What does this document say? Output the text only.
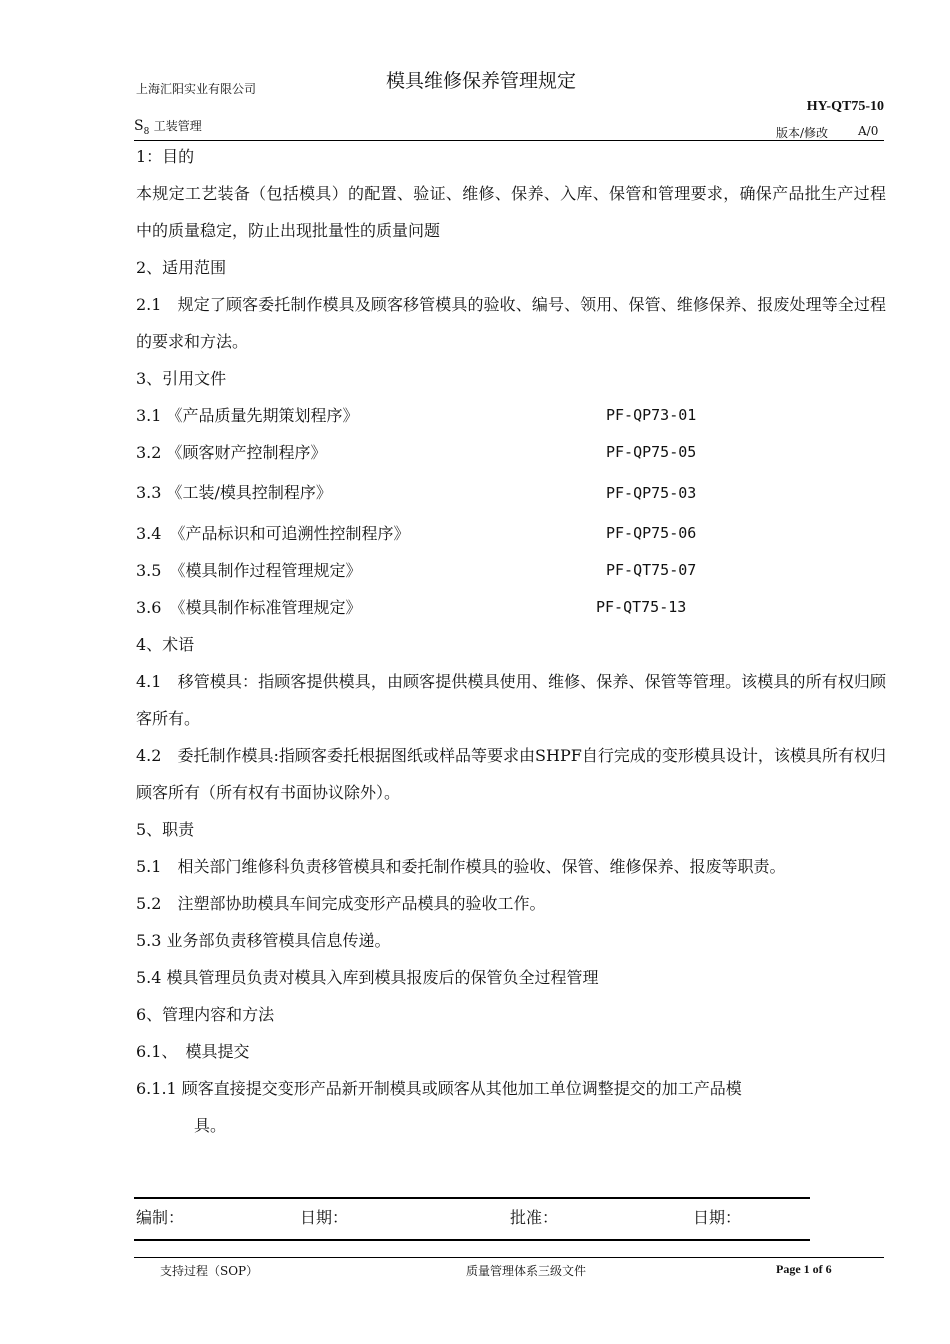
上海汇阳实业有限公司	模具维修保养管理规定
HY-QT75-10
$S_8$ 工装管理	版本/修改 A/0

1：目的

本规定工艺装备（包括模具）的配置、验证、维修、保养、入库、保管和管理要求，确保产品批生产过程中的质量稳定，防止出现批量性的质量问题

2、适用范围

2.1　规定了顾客委托制作模具及顾客移管模具的验收、编号、领用、保管、维修保养、报废处理等全过程的要求和方法。

3、引用文件

3.1 《产品质量先期策划程序》	PF-QP73-01
3.2 《顾客财产控制程序》	PF-QP75-05
3.3 《工装/模具控制程序》	PF-QP75-03
3.4　《产品标识和可追溯性控制程序》	PF-QP75-06
3.5　《模具制作过程管理规定》	PF-QT75-07
3.6　《模具制作标准管理规定》	PF-QT75-13

4、术语

4.1　移管模具：指顾客提供模具，由顾客提供模具使用、维修、保养、保管等管理。该模具的所有权归顾客所有。

4.2　委托制作模具:指顾客委托根据图纸或样品等要求由SHPF自行完成的变形模具设计，该模具所有权归顾客所有（所有权有书面协议除外）。

5、职责

5.1　相关部门维修科负责移管模具和委托制作模具的验收、保管、维修保养、报废等职责。

5.2　注塑部协助模具车间完成变形产品模具的验收工作。

5.3 业务部负责移管模具信息传递。

5.4 模具管理员负责对模具入库到模具报废后的保管负全过程管理

6、管理内容和方法

6.1、　模具提交

6.1.1 顾客直接提交变形产品新开制模具或顾客从其他加工单位调整提交的加工产品模

具。

编制：	日期：	批准：	日期：
支持过程（SOP）	质量管理体系三级文件	Page 1 of 6
